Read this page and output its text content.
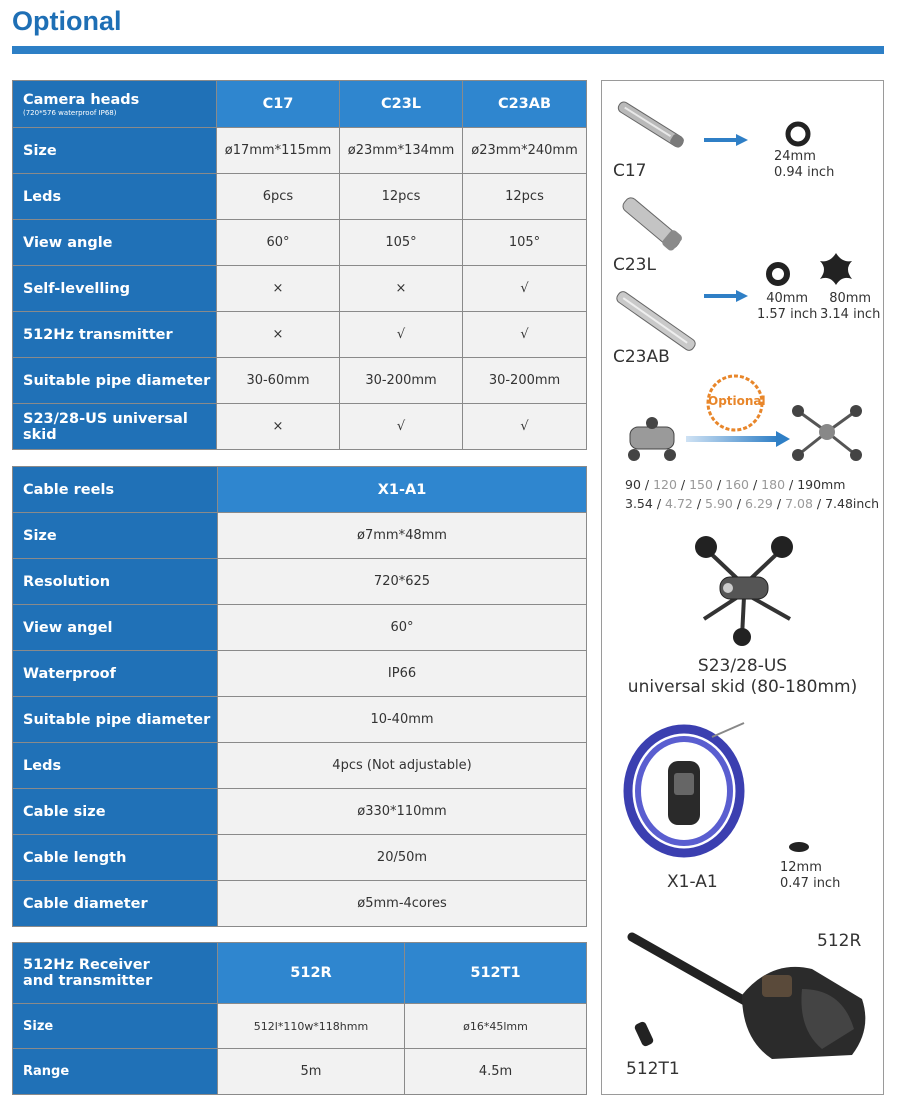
Optional
Camera heads
(720*576 waterproof IP68)	C17	C23L	C23AB
Size	ø17mm*115mm	ø23mm*134mm	ø23mm*240mm
Leds	6pcs	12pcs	12pcs
View angle	60°	105°	105°
Self-levelling	×	×	√
512Hz transmitter	×	√	√
Suitable pipe diameter	30-60mm	30-200mm	30-200mm
S23/28-US universal skid	×	√	√
Cable reels	X1-A1
Size	ø7mm*48mm
Resolution	720*625
View angel	60°
Waterproof	IP66
Suitable pipe diameter	10-40mm
Leds	4pcs (Not adjustable)
Cable size	ø330*110mm
Cable length	20/50m
Cable diameter	ø5mm-4cores
512Hz Receiver
and transmitter	512R	512T1
Size	512l*110w*118hmm	ø16*45lmm
Range	5m	4.5m
C17
24mm
0.94 inch
C23L
C23AB
40mm
1.57 inch
80mm
3.14 inch
Optional
90 / 120 / 150 / 160 / 180 / 190mm
3.54 / 4.72 / 5.90 / 6.29 / 7.08 / 7.48inch
S23/28-US
universal skid (80-180mm)
X1-A1
12mm
0.47 inch
512R
512T1
